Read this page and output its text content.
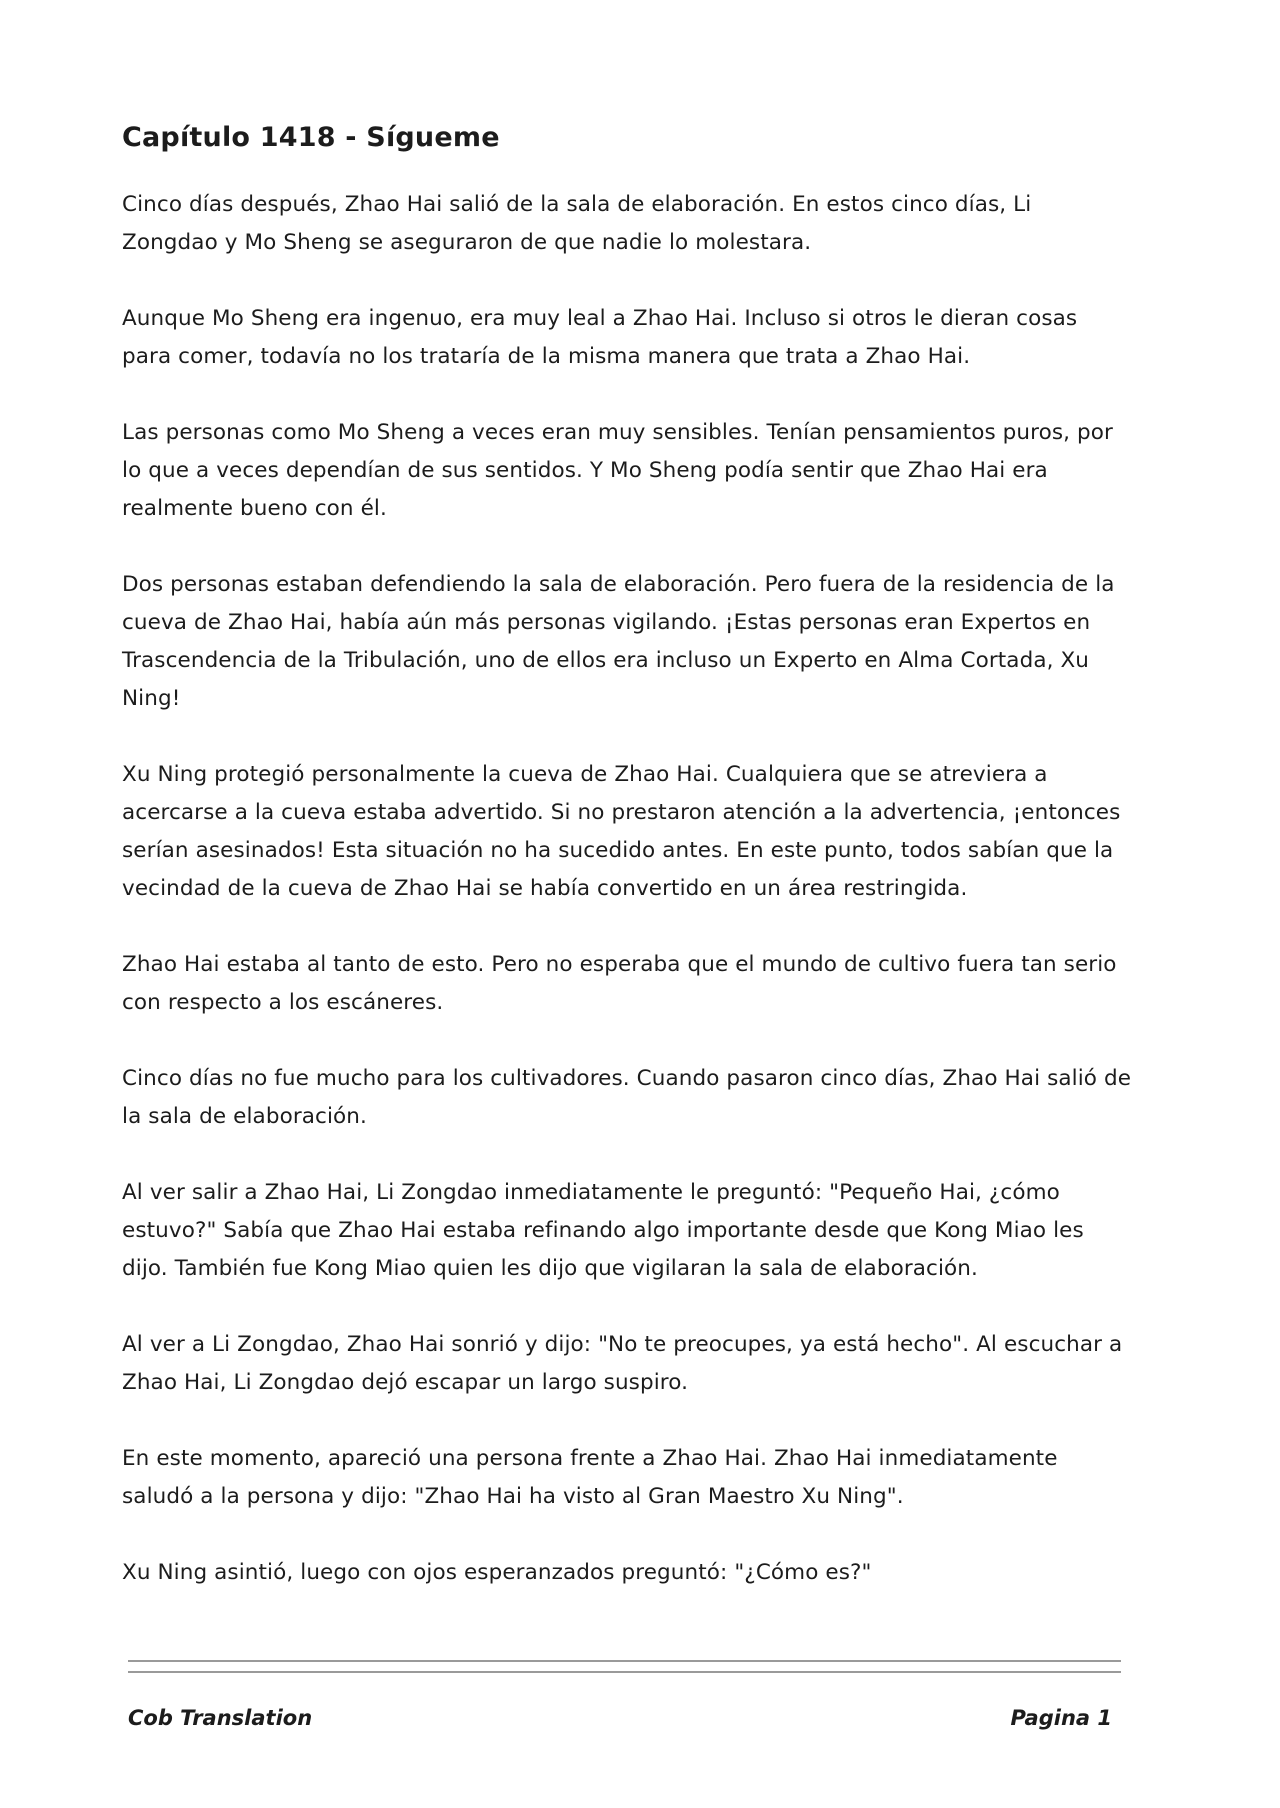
Capítulo 1418 - Sígueme

Cinco días después, Zhao Hai salió de la sala de elaboración. En estos cinco días, Li Zongdao y Mo Sheng se aseguraron de que nadie lo molestara.

Aunque Mo Sheng era ingenuo, era muy leal a Zhao Hai. Incluso si otros le dieran cosas para comer, todavía no los trataría de la misma manera que trata a Zhao Hai.

Las personas como Mo Sheng a veces eran muy sensibles. Tenían pensamientos puros, por lo que a veces dependían de sus sentidos. Y Mo Sheng podía sentir que Zhao Hai era realmente bueno con él.

Dos personas estaban defendiendo la sala de elaboración. Pero fuera de la residencia de la cueva de Zhao Hai, había aún más personas vigilando. ¡Estas personas eran Expertos en Trascendencia de la Tribulación, uno de ellos era incluso un Experto en Alma Cortada, Xu Ning!

Xu Ning protegió personalmente la cueva de Zhao Hai. Cualquiera que se atreviera a acercarse a la cueva estaba advertido. Si no prestaron atención a la advertencia, ¡entonces serían asesinados! Esta situación no ha sucedido antes. En este punto, todos sabían que la vecindad de la cueva de Zhao Hai se había convertido en un área restringida.

Zhao Hai estaba al tanto de esto. Pero no esperaba que el mundo de cultivo fuera tan serio con respecto a los escáneres.

Cinco días no fue mucho para los cultivadores. Cuando pasaron cinco días, Zhao Hai salió de la sala de elaboración.

Al ver salir a Zhao Hai, Li Zongdao inmediatamente le preguntó: "Pequeño Hai, ¿cómo estuvo?" Sabía que Zhao Hai estaba refinando algo importante desde que Kong Miao les dijo. También fue Kong Miao quien les dijo que vigilaran la sala de elaboración.

Al ver a Li Zongdao, Zhao Hai sonrió y dijo: "No te preocupes, ya está hecho". Al escuchar a Zhao Hai, Li Zongdao dejó escapar un largo suspiro.

En este momento, apareció una persona frente a Zhao Hai. Zhao Hai inmediatamente saludó a la persona y dijo: "Zhao Hai ha visto al Gran Maestro Xu Ning".

Xu Ning asintió, luego con ojos esperanzados preguntó: "¿Cómo es?"

Cob Translation	Pagina 1
